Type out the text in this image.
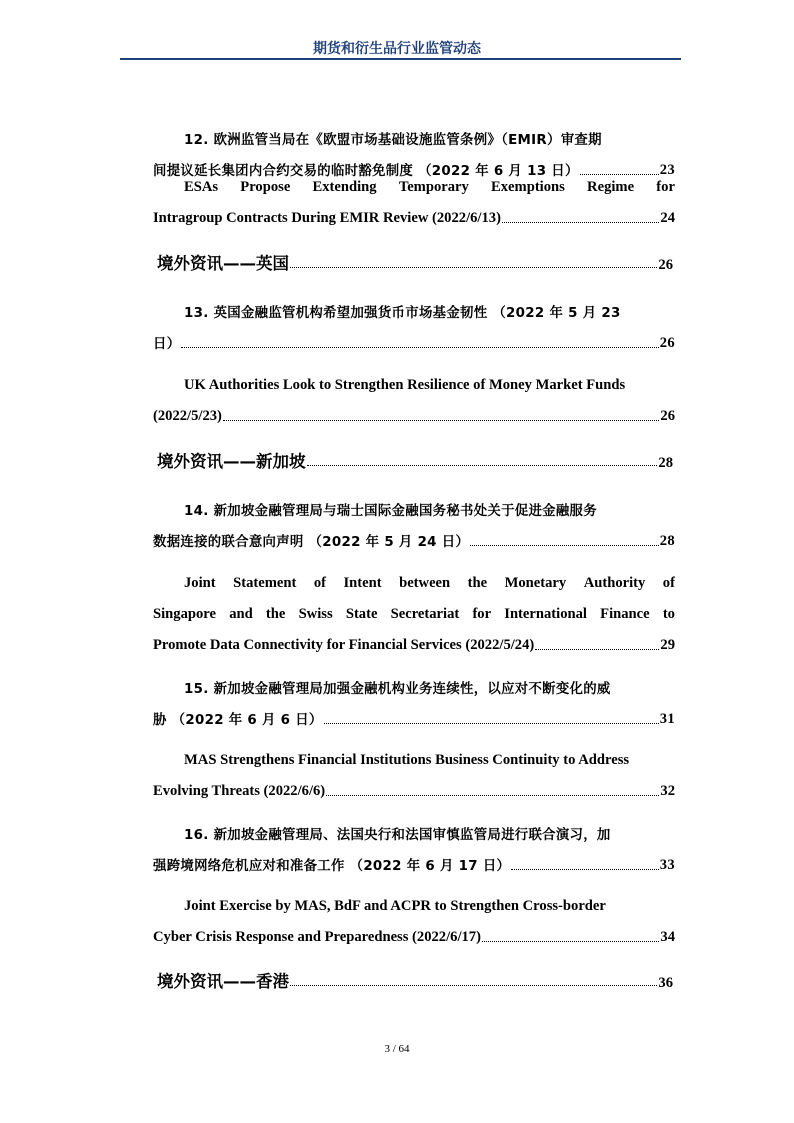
期货和衍生品行业监管动态
12. 欧洲监管当局在《欧盟市场基础设施监管条例》（EMIR）审查期
间提议延长集团内合约交易的临时豁免制度 （2022 年 6 月 13 日）	23
ESAs Propose Extending Temporary Exemptions Regime for
Intragroup Contracts During EMIR Review (2022/6/13)	24
境外资讯——英国	26
13. 英国金融监管机构希望加强货币市场基金韧性 （2022 年 5 月 23
日）	26
UK Authorities Look to Strengthen Resilience of Money Market Funds
(2022/5/23)	26
境外资讯——新加坡	28
14. 新加坡金融管理局与瑞士国际金融国务秘书处关于促进金融服务
数据连接的联合意向声明 （2022 年 5 月 24 日）	28
Joint Statement of Intent between the Monetary Authority of
Singapore and the Swiss State Secretariat for International Finance to
Promote Data Connectivity for Financial Services (2022/5/24)	29
15. 新加坡金融管理局加强金融机构业务连续性，以应对不断变化的威
胁 （2022 年 6 月 6 日）	31
MAS Strengthens Financial Institutions Business Continuity to Address
Evolving Threats (2022/6/6)	32
16. 新加坡金融管理局、法国央行和法国审慎监管局进行联合演习，加
强跨境网络危机应对和准备工作 （2022 年 6 月 17 日）	33
Joint Exercise by MAS, BdF and ACPR to Strengthen Cross-border
Cyber Crisis Response and Preparedness (2022/6/17)	34
境外资讯——香港	36
3 / 64
